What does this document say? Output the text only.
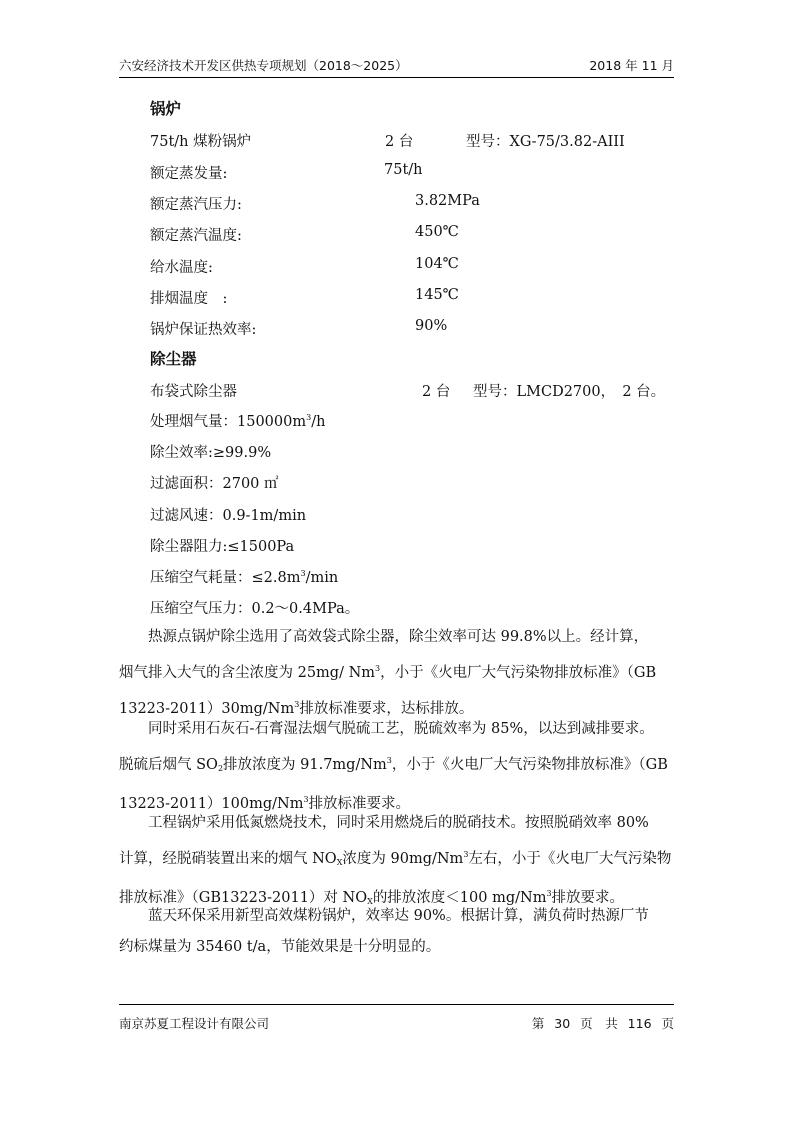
六安经济技术开发区供热专项规划（2018～2025）	2018 年 11 月
锅炉
75t/h 煤粉锅炉	2 台	型号：XG-75/3.82-AIII
额定蒸发量:	75t/h
额定蒸汽压力:	3.82MPa
额定蒸汽温度:	450℃
给水温度:	104℃
排烟温度　:	145℃
锅炉保证热效率:	90%
除尘器
布袋式除尘器	2 台 型号：LMCD2700，　2 台。
处理烟气量：$150000m^3/h$
除尘效率:≥99.9%
过滤面积：2700 ㎡
过滤风速：0.9-1m/min
除尘器阻力:≤1500Pa
压缩空气耗量：$\le 2.8m^3/\min$
压缩空气压力：0.2～0.4MPa。
热源点锅炉除尘选用了高效袋式除尘器，除尘效率可达 99.8%以上。经计算，
烟气排入大气的含尘浓度为 25mg/ Nm$^3$，小于《火电厂大气污染物排放标准》（GB
13223-2011）30mg/Nm$^3$排放标准要求，达标排放。
同时采用石灰石-石膏湿法烟气脱硫工艺，脱硫效率为 85%，以达到减排要求。
脱硫后烟气 $SO_2$排放浓度为 91.7mg/Nm$^3$，小于《火电厂大气污染物排放标准》（GB
13223-2011）100mg/Nm$^3$排放标准要求。
工程锅炉采用低氮燃烧技术，同时采用燃烧后的脱硝技术。按照脱硝效率 80%
计算，经脱硝装置出来的烟气 $NO_X$浓度为 90mg/Nm$^3$左右，小于《火电厂大气污染物
排放标准》（GB13223-2011）对 $NO_X$的排放浓度＜100 mg/Nm$^3$排放要求。
蓝天环保采用新型高效煤粉锅炉，效率达 90%。根据计算，满负荷时热源厂节
约标煤量为 35460 t/a，节能效果是十分明显的。
南京苏夏工程设计有限公司	第 30 页　 共 116 页
